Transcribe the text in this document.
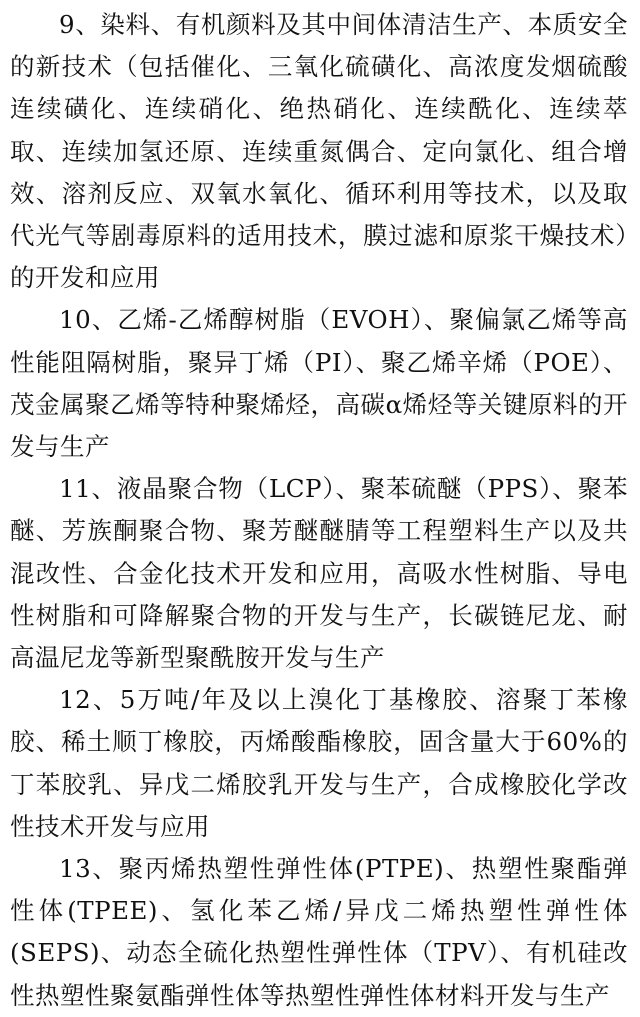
9、染料、有机颜料及其中间体清洁生产、本质安全的新技术（包括催化、三氧化硫磺化、高浓度发烟硫酸连续磺化、连续硝化、绝热硝化、连续酰化、连续萃取、连续加氢还原、连续重氮偶合、定向氯化、组合增效、溶剂反应、双氧水氧化、循环利用等技术，以及取代光气等剧毒原料的适用技术，膜过滤和原浆干燥技术）的开发和应用

10、乙烯-乙烯醇树脂（EVOH）、聚偏氯乙烯等高性能阻隔树脂，聚异丁烯（PI）、聚乙烯辛烯（POE）、茂金属聚乙烯等特种聚烯烃，高碳α烯烃等关键原料的开发与生产

11、液晶聚合物（LCP）、聚苯硫醚（PPS）、聚苯醚、芳族酮聚合物、聚芳醚醚腈等工程塑料生产以及共混改性、合金化技术开发和应用，高吸水性树脂、导电性树脂和可降解聚合物的开发与生产，长碳链尼龙、耐高温尼龙等新型聚酰胺开发与生产

12、5万吨/年及以上溴化丁基橡胶、溶聚丁苯橡胶、稀土顺丁橡胶，丙烯酸酯橡胶，固含量大于60%的丁苯胶乳、异戊二烯胶乳开发与生产，合成橡胶化学改性技术开发与应用

13、聚丙烯热塑性弹性体(PTPE)、热塑性聚酯弹性体(TPEE)、氢化苯乙烯/异戊二烯热塑性弹性体(SEPS)、动态全硫化热塑性弹性体（TPV）、有机硅改性热塑性聚氨酯弹性体等热塑性弹性体材料开发与生产
